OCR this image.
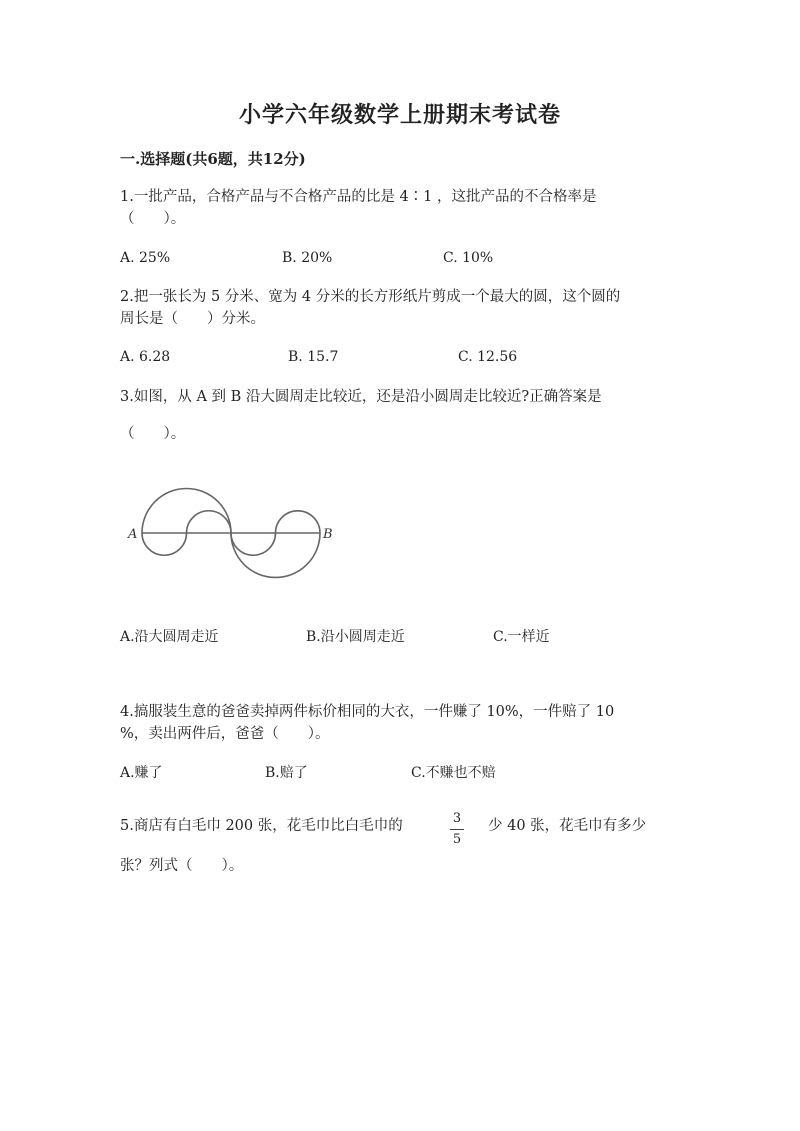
小学六年级数学上册期末考试卷
一.选择题(共6题，共12分)
1.一批产品，合格产品与不合格产品的比是 4∶1 ，这批产品的不合格率是
（　　）。
A. 25%	B. 20%	C. 10%
2.把一张长为 5 分米、宽为 4 分米的长方形纸片剪成一个最大的圆，这个圆的
周长是（　　）分米。
A. 6.28	B. 15.7	C. 12.56
3.如图，从 A 到 B 沿大圆周走比较近，还是沿小圆周走比较近?正确答案是
（　　）。
A	B
A.沿大圆周走近	B.沿小圆周走近	C.一样近
4.搞服装生意的爸爸卖掉两件标价相同的大衣，一件赚了 10%，一件赔了 10
%，卖出两件后，爸爸（　　）。
A.赚了	B.赔了	C.不赚也不赔
5.商店有白毛巾 200 张，花毛巾比白毛巾的	3
5
少 40 张，花毛巾有多少
张？列式（　　）。
